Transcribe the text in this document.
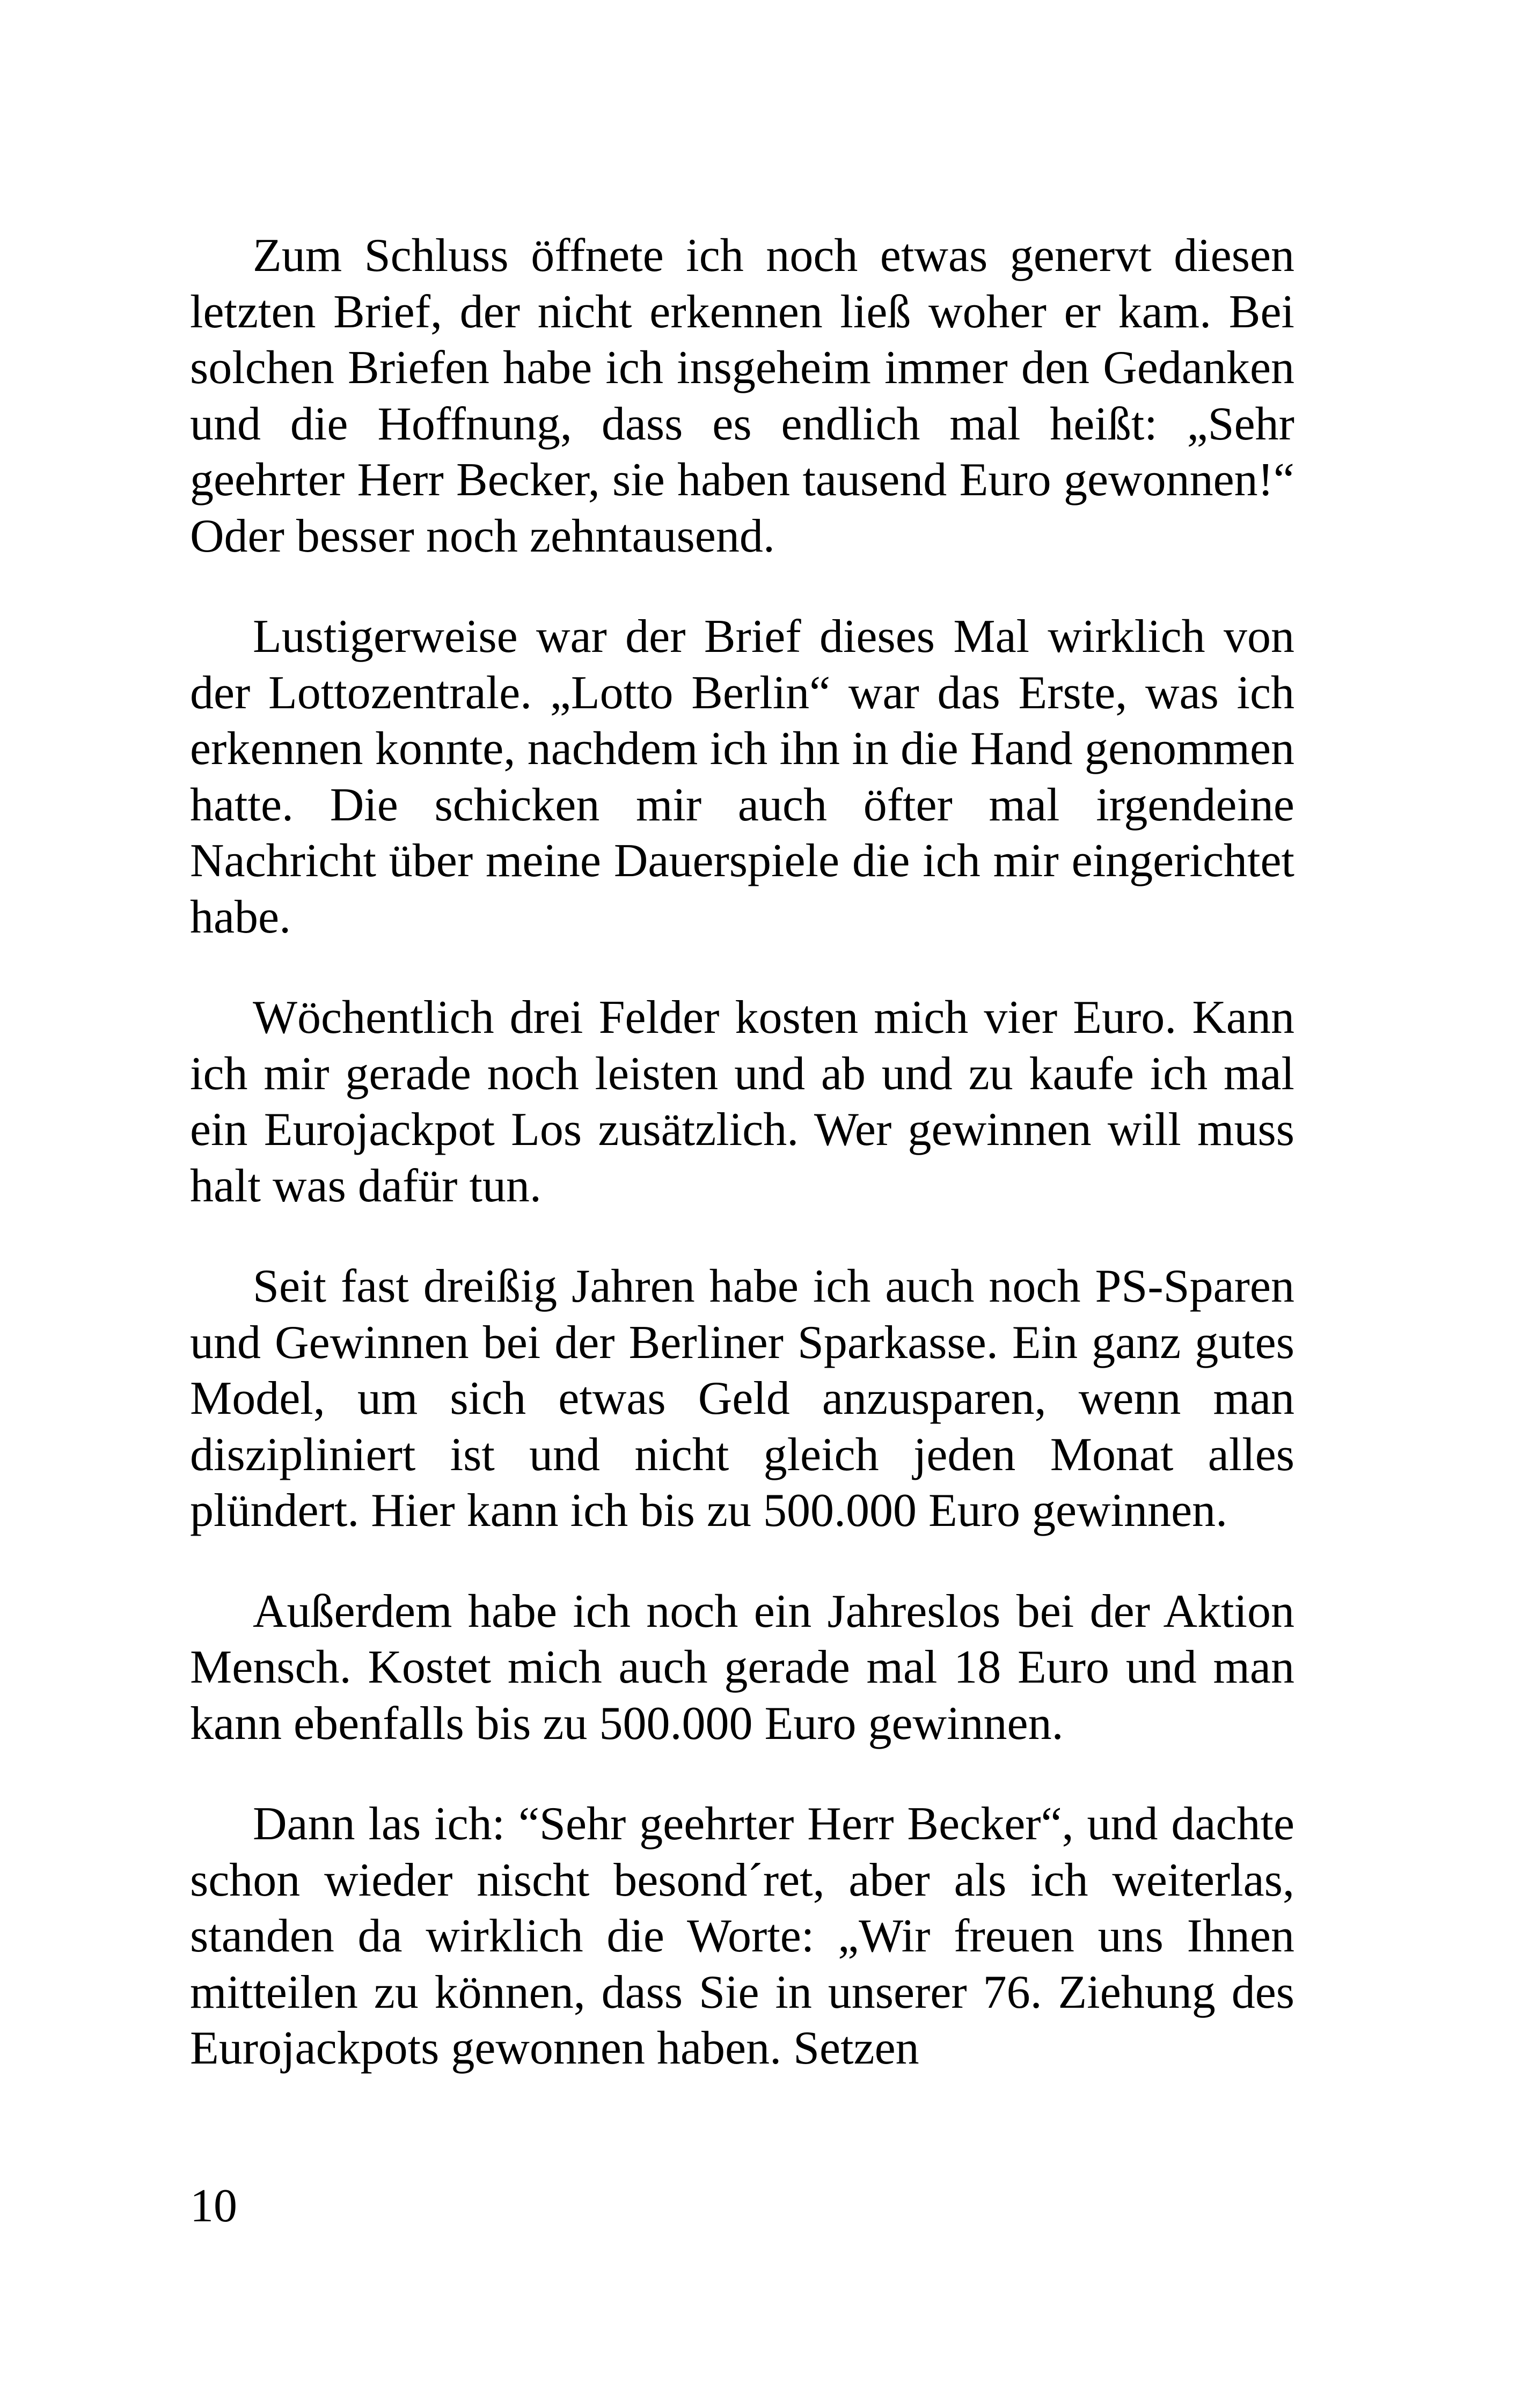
Zum Schluss öffnete ich noch etwas genervt diesen letzten Brief, der nicht erkennen ließ woher er kam. Bei solchen Briefen habe ich insgeheim immer den Gedanken und die Hoffnung, dass es endlich mal heißt: „Sehr geehrter Herr Becker, sie haben tausend Euro gewonnen!“ Oder besser noch zehntausend.

Lustigerweise war der Brief dieses Mal wirklich von der Lottozentrale. „Lotto Berlin“ war das Erste, was ich erkennen konnte, nachdem ich ihn in die Hand genommen hatte. Die schicken mir auch öfter mal irgendeine Nachricht über meine Dauerspiele die ich mir eingerichtet habe.

Wöchentlich drei Felder kosten mich vier Euro. Kann ich mir gerade noch leisten und ab und zu kaufe ich mal ein Eurojackpot Los zusätzlich. Wer gewinnen will muss halt was dafür tun.

Seit fast dreißig Jahren habe ich auch noch PS-Sparen und Gewinnen bei der Berliner Sparkasse. Ein ganz gutes Model, um sich etwas Geld anzusparen, wenn man diszipliniert ist und nicht gleich jeden Monat alles plündert. Hier kann ich bis zu 500.000 Euro gewinnen.

Außerdem habe ich noch ein Jahreslos bei der Aktion Mensch. Kostet mich auch gerade mal 18 Euro und man kann ebenfalls bis zu 500.000 Euro gewinnen.

Dann las ich: “Sehr geehrter Herr Becker“, und dachte schon wieder nischt besond´ret, aber als ich weiterlas, standen da wirklich die Worte: „Wir freuen uns Ihnen mitteilen zu können, dass Sie in unserer 76. Ziehung des Eurojackpots gewonnen haben. Setzen

10
